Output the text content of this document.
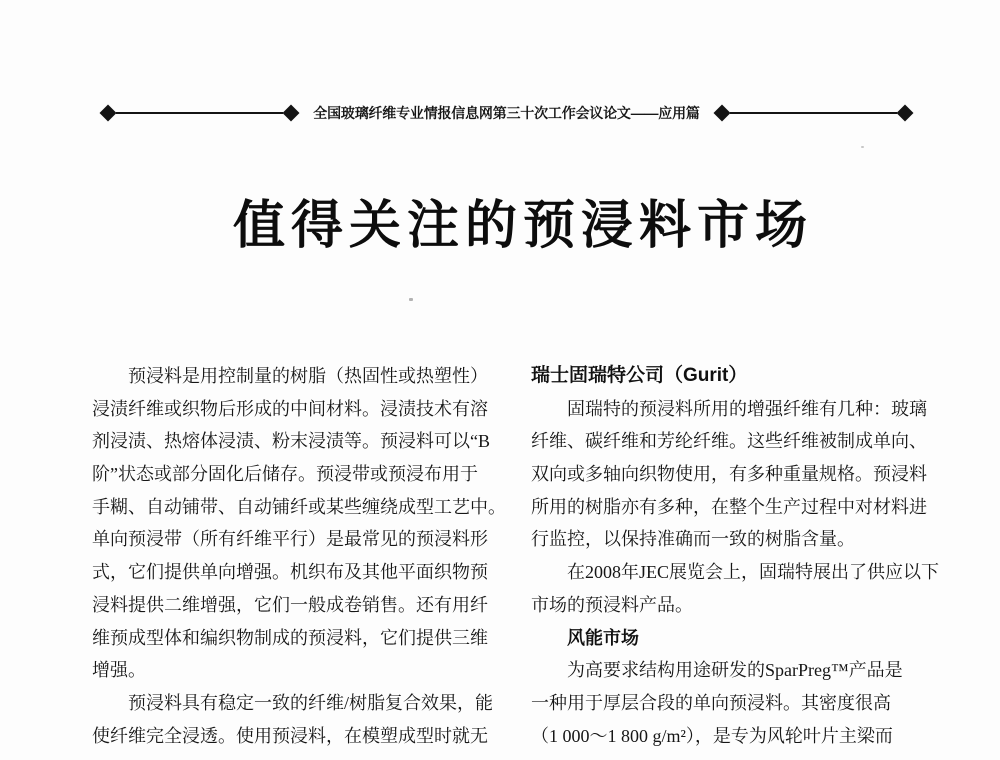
全国玻璃纤维专业情报信息网第三十次工作会议论文——应用篇
值得关注的预浸料市场
预浸料是用控制量的树脂（热固性或热塑性）
浸渍纤维或织物后形成的中间材料。浸渍技术有溶
剂浸渍、热熔体浸渍、粉末浸渍等。预浸料可以“B
阶”状态或部分固化后储存。预浸带或预浸布用于
手糊、自动铺带、自动铺纤或某些缠绕成型工艺中。
单向预浸带（所有纤维平行）是最常见的预浸料形
式，它们提供单向增强。机织布及其他平面织物预
浸料提供二维增强，它们一般成卷销售。还有用纤
维预成型体和编织物制成的预浸料，它们提供三维
增强。
预浸料具有稳定一致的纤维/树脂复合效果，能
使纤维完全浸透。使用预浸料，在模塑成型时就无
瑞士固瑞特公司（Gurit）
固瑞特的预浸料所用的增强纤维有几种：玻璃
纤维、碳纤维和芳纶纤维。这些纤维被制成单向、
双向或多轴向织物使用，有多种重量规格。预浸料
所用的树脂亦有多种，在整个生产过程中对材料进
行监控，以保持准确而一致的树脂含量。
在2008年JEC展览会上，固瑞特展出了供应以下
市场的预浸料产品。
风能市场
为高要求结构用途研发的SparPreg™产品是
一种用于厚层合段的单向预浸料。其密度很高
（1 000～1 800 g/m²），是专为风轮叶片主梁而
